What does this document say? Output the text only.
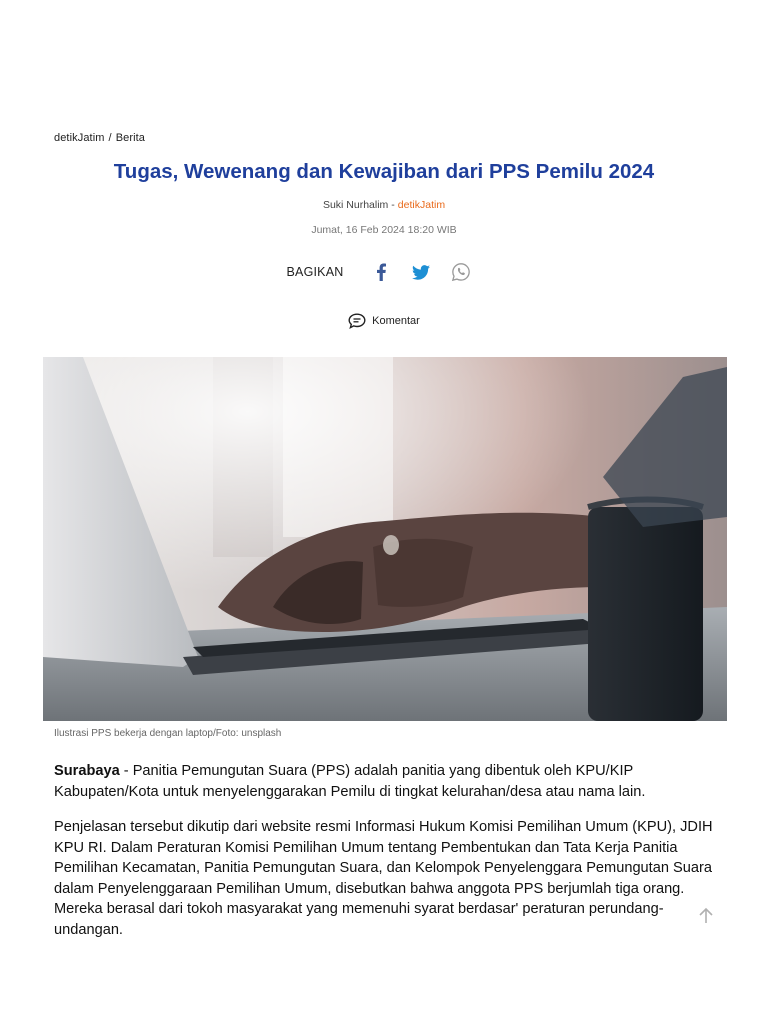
detikJatim / Berita
Tugas, Wewenang dan Kewajiban dari PPS Pemilu 2024
Suki Nurhalim - detikJatim
Jumat, 16 Feb 2024 18:20 WIB
BAGIKAN
Komentar
Ilustrasi PPS bekerja dengan laptop/Foto: unsplash

Surabaya - Panitia Pemungutan Suara (PPS) adalah panitia yang dibentuk oleh KPU/KIP Kabupaten/Kota untuk menyelenggarakan Pemilu di tingkat kelurahan/desa atau nama lain.

Penjelasan tersebut dikutip dari website resmi Informasi Hukum Komisi Pemilihan Umum (KPU), JDIH KPU RI. Dalam Peraturan Komisi Pemilihan Umum tentang Pembentukan dan Tata Kerja Panitia Pemilihan Kecamatan, Panitia Pemungutan Suara, dan Kelompok Penyelenggara Pemungutan Suara dalam Penyelenggaraan Pemilihan Umum, disebutkan bahwa anggota PPS berjumlah tiga orang. Mereka berasal dari tokoh masyarakat yang memenuhi syarat berdasar' peraturan perundang-undangan.
